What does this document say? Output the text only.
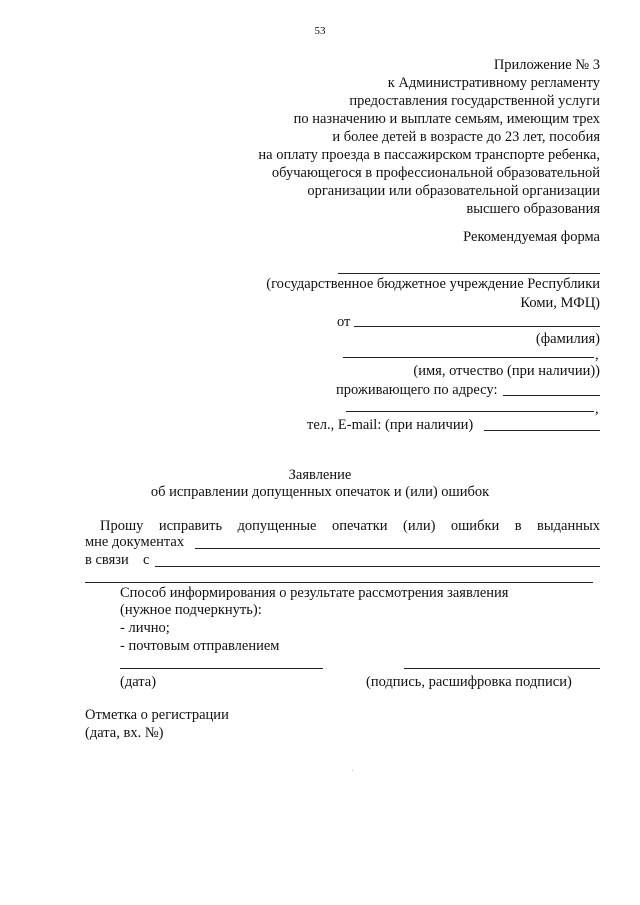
53
Приложение № 3
к Административному регламенту
предоставления государственной услуги
по назначению и выплате семьям, имеющим трех
и более детей в возрасте до 23 лет, пособия
на оплату проезда в пассажирском транспорте ребенка,
обучающегося в профессиональной образовательной
организации или образовательной организации
высшего образования
Рекомендуемая форма
(государственное бюджетное учреждение Республики
Коми, МФЦ)
от
(фамилия)
,
(имя, отчество (при наличии))
проживающего по адресу:
,
тел., E-mail: (при наличии)
Заявление
об исправлении допущенных опечаток и (или) ошибок
Прошу исправить допущенные опечатки (или) ошибки в выданных
мне документах
в связи с
Способ информирования о результате рассмотрения заявления
(нужное подчеркнуть):
- лично;
- почтовым отправлением
(дата)	(подпись, расшифровка подписи)
Отметка о регистрации
(дата, вх. №)
